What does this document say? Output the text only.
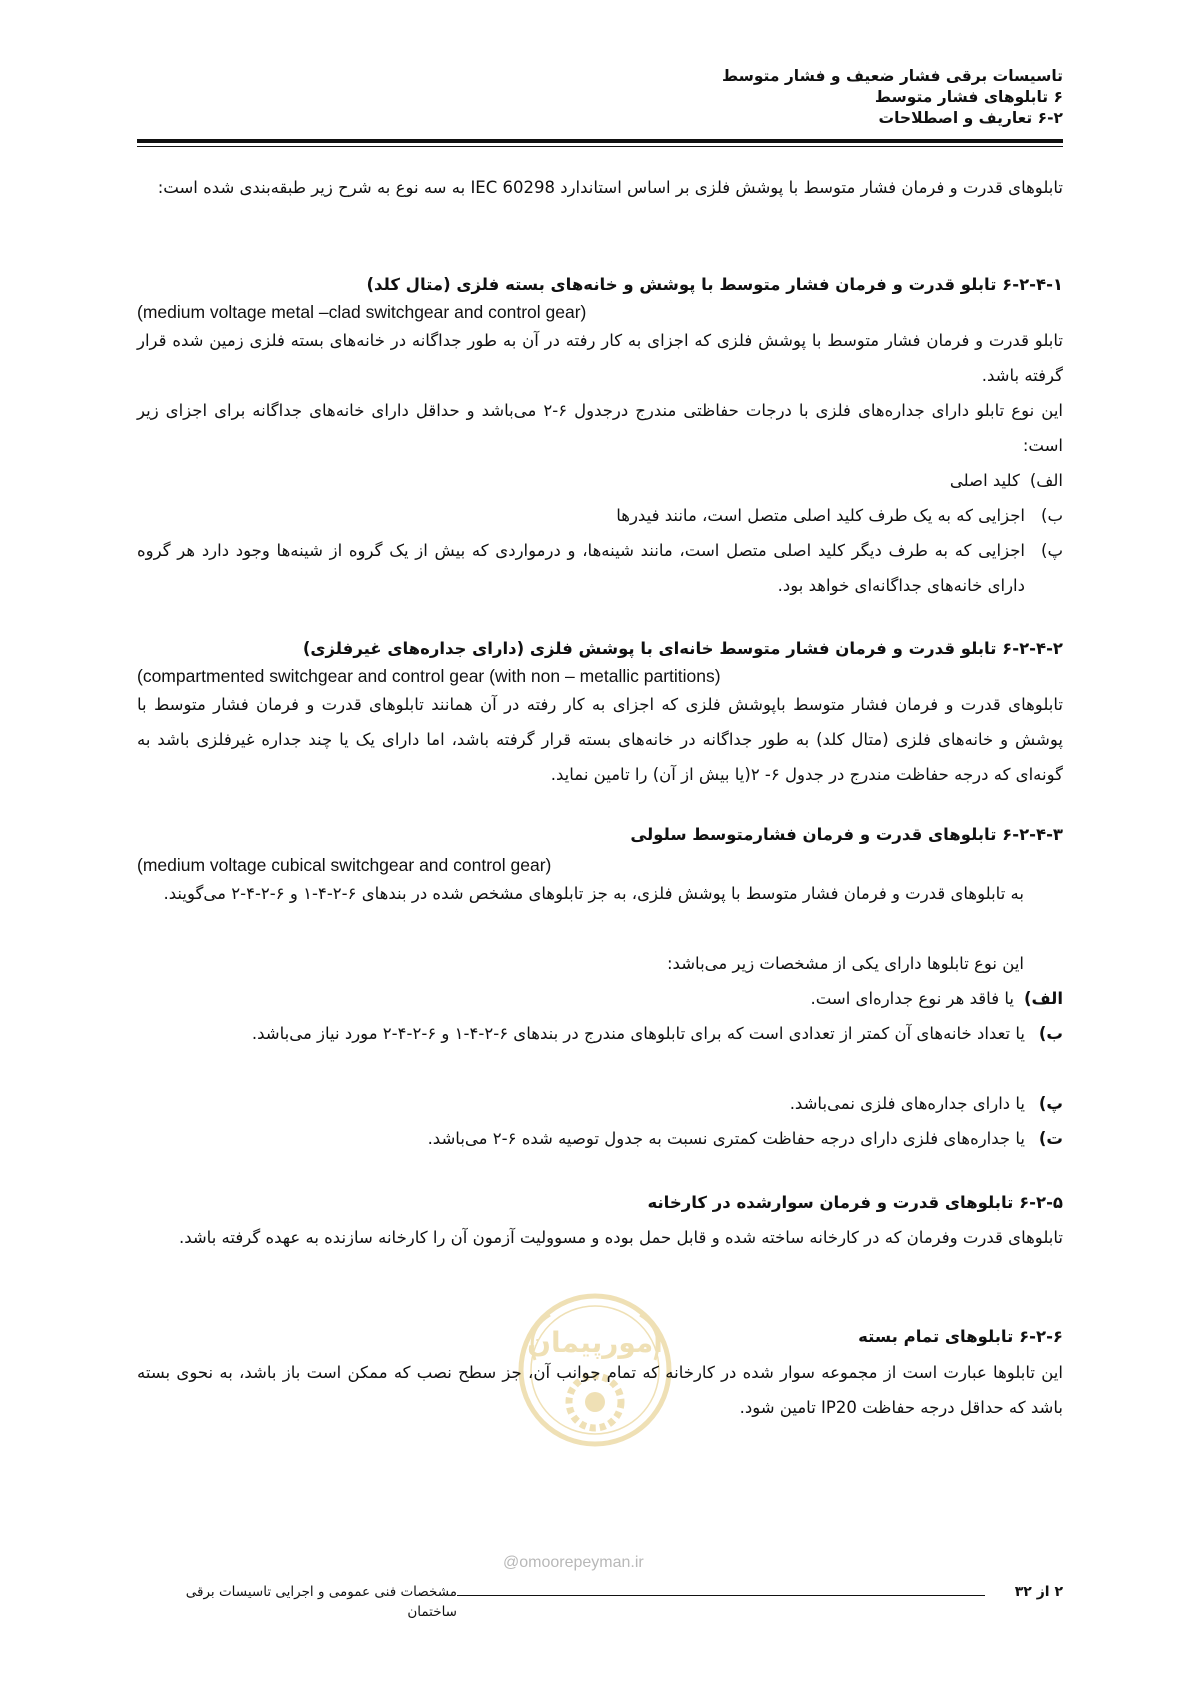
تاسیسات برقی فشار ضعیف و فشار متوسط
۶ تابلوهای فشار متوسط
۶-۲ تعاریف و اصطلاحات
تابلوهای قدرت و فرمان فشار متوسط با پوشش فلزی بر اساس استاندارد IEC 60298 به سه نوع به شرح زیر طبقه‌بندی شده است:
۶-۲-۴-۱ تابلو قدرت و فرمان فشار متوسط با پوشش و خانه‌های بسته فلزی (متال کلد)
(medium voltage metal –clad switchgear and control gear)
تابلو قدرت و فرمان فشار متوسط با پوشش فلزی که اجزای به کار رفته در آن به طور جداگانه در خانه‌های بسته فلزی زمین شده قرار گرفته باشد.
این نوع تابلو دارای جداره‌های فلزی با درجات حفاظتی مندرج درجدول ۶-۲ می‌باشد و حداقل دارای خانه‌های جداگانه برای اجزای زیر است:
الف)
کلید اصلی
ب)
اجزایی که به یک طرف کلید اصلی متصل است، مانند فیدرها
پ)
اجزایی که به طرف دیگر کلید اصلی متصل است، مانند شینه‌ها، و درمواردی که بیش از یک گروه از شینه‌ها وجود دارد هر گروه دارای خانه‌های جداگانه‌ای خواهد بود.
۶-۲-۴-۲ تابلو قدرت و فرمان فشار متوسط خانه‌ای با پوشش فلزی (دارای جداره‌های غیرفلزی)
(compartmented switchgear and control gear (with non – metallic partitions)
تابلوهای قدرت و فرمان فشار متوسط باپوشش فلزی که اجزای به کار رفته در آن همانند تابلوهای قدرت و فرمان فشار متوسط با پوشش و خانه‌های فلزی (متال کلد) به طور جداگانه در خانه‌های بسته قرار گرفته باشد، اما دارای یک یا چند جداره غیرفلزی باشد به گونه‌ای که درجه حفاظت مندرج در جدول ۶- ۲(یا بیش از آن) را تامین نماید.
۶-۲-۴-۳ تابلوهای قدرت و فرمان فشارمتوسط سلولی
(medium voltage cubical switchgear and control gear)
به تابلوهای قدرت و فرمان فشار متوسط با پوشش فلزی، به جز تابلوهای مشخص شده در بندهای ۶-۲-۴-۱ و ۶-۲-۴-۲ می‌گویند.
این نوع تابلوها دارای یکی از مشخصات زیر می‌باشد:
الف)
یا فاقد هر نوع جداره‌ای است.
ب)
یا تعداد خانه‌های آن کمتر از تعدادی است که برای تابلوهای مندرج در بندهای ۶-۲-۴-۱ و ۶-۲-۴-۲ مورد نیاز می‌باشد.
پ)
یا دارای جداره‌های فلزی نمی‌باشد.
ت)
یا جداره‌های فلزی دارای درجه حفاظت کمتری نسبت به جدول توصیه شده ۶-۲ می‌باشد.
۶-۲-۵ تابلوهای قدرت و فرمان سوارشده در کارخانه
تابلوهای قدرت وفرمان که در کارخانه ساخته شده و قابل حمل بوده و مسوولیت آزمون آن را کارخانه سازنده به عهده گرفته باشد.
امورپیمان	۶-۲-۶ تابلوهای تمام بسته
این تابلوها عبارت است از مجموعه سوار شده در کارخانه که تمام جوانب آن، جز سطح نصب که ممکن است باز باشد، به نحوی بسته باشد که حداقل درجه حفاظت IP20 تامین شود.
@omoorepeyman.ir
مشخصات فنی عمومی و اجرایی تاسیسات برقی ساختمان
۲ از ۳۲
